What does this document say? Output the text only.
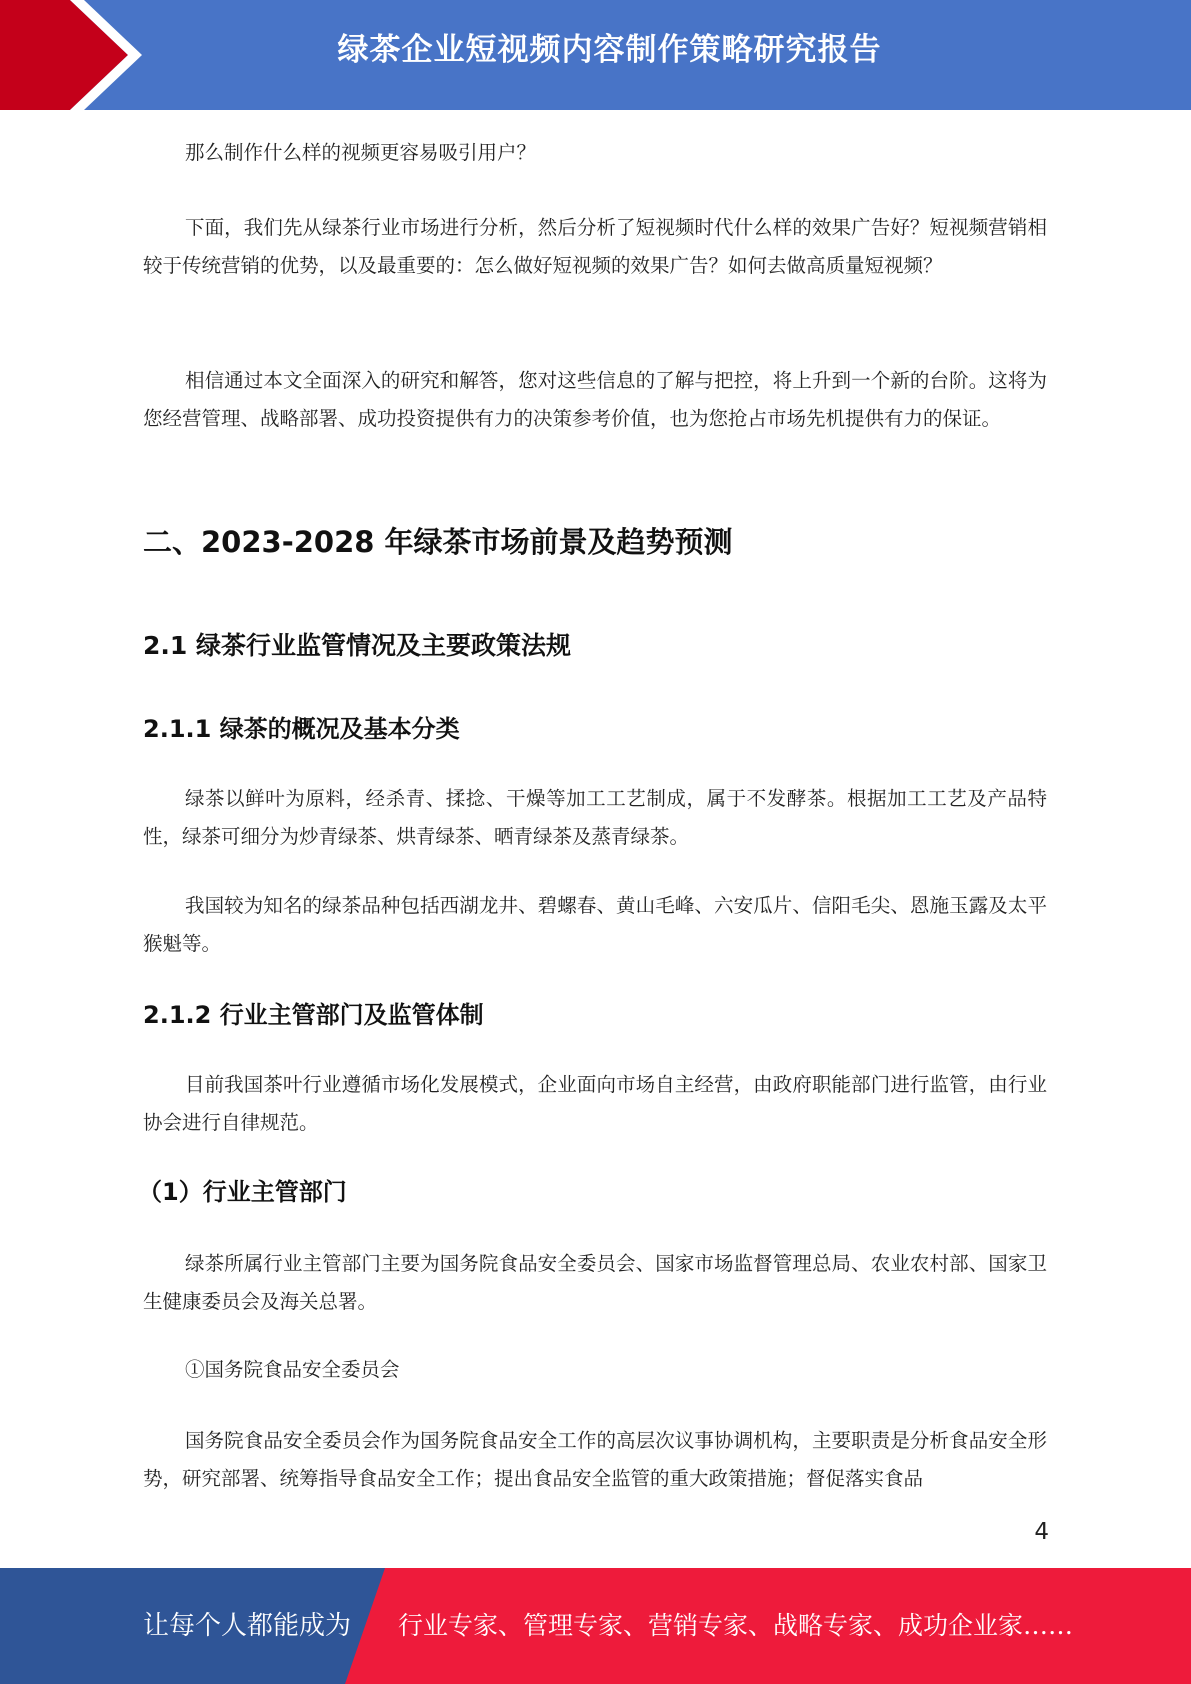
绿茶企业短视频内容制作策略研究报告

那么制作什么样的视频更容易吸引用户？

下面，我们先从绿茶行业市场进行分析，然后分析了短视频时代什么样的效果广告好？短视频营销相较于传统营销的优势，以及最重要的：怎么做好短视频的效果广告？如何去做高质量短视频？

相信通过本文全面深入的研究和解答，您对这些信息的了解与把控，将上升到一个新的台阶。这将为您经营管理、战略部署、成功投资提供有力的决策参考价值，也为您抢占市场先机提供有力的保证。

二、2023-2028 年绿茶市场前景及趋势预测
2.1 绿茶行业监管情况及主要政策法规
2.1.1 绿茶的概况及基本分类

绿茶以鲜叶为原料，经杀青、揉捻、干燥等加工工艺制成，属于不发酵茶。根据加工工艺及产品特性，绿茶可细分为炒青绿茶、烘青绿茶、晒青绿茶及蒸青绿茶。

我国较为知名的绿茶品种包括西湖龙井、碧螺春、黄山毛峰、六安瓜片、信阳毛尖、恩施玉露及太平猴魁等。

2.1.2 行业主管部门及监管体制

目前我国茶叶行业遵循市场化发展模式，企业面向市场自主经营，由政府职能部门进行监管，由行业协会进行自律规范。

（1）行业主管部门

绿茶所属行业主管部门主要为国务院食品安全委员会、国家市场监督管理总局、农业农村部、国家卫生健康委员会及海关总署。

①国务院食品安全委员会

国务院食品安全委员会作为国务院食品安全工作的高层次议事协调机构，主要职责是分析食品安全形势，研究部署、统筹指导食品安全工作；提出食品安全监管的重大政策措施；督促落实食品

4
让每个人都能成为 行业专家、管理专家、营销专家、战略专家、成功企业家……
